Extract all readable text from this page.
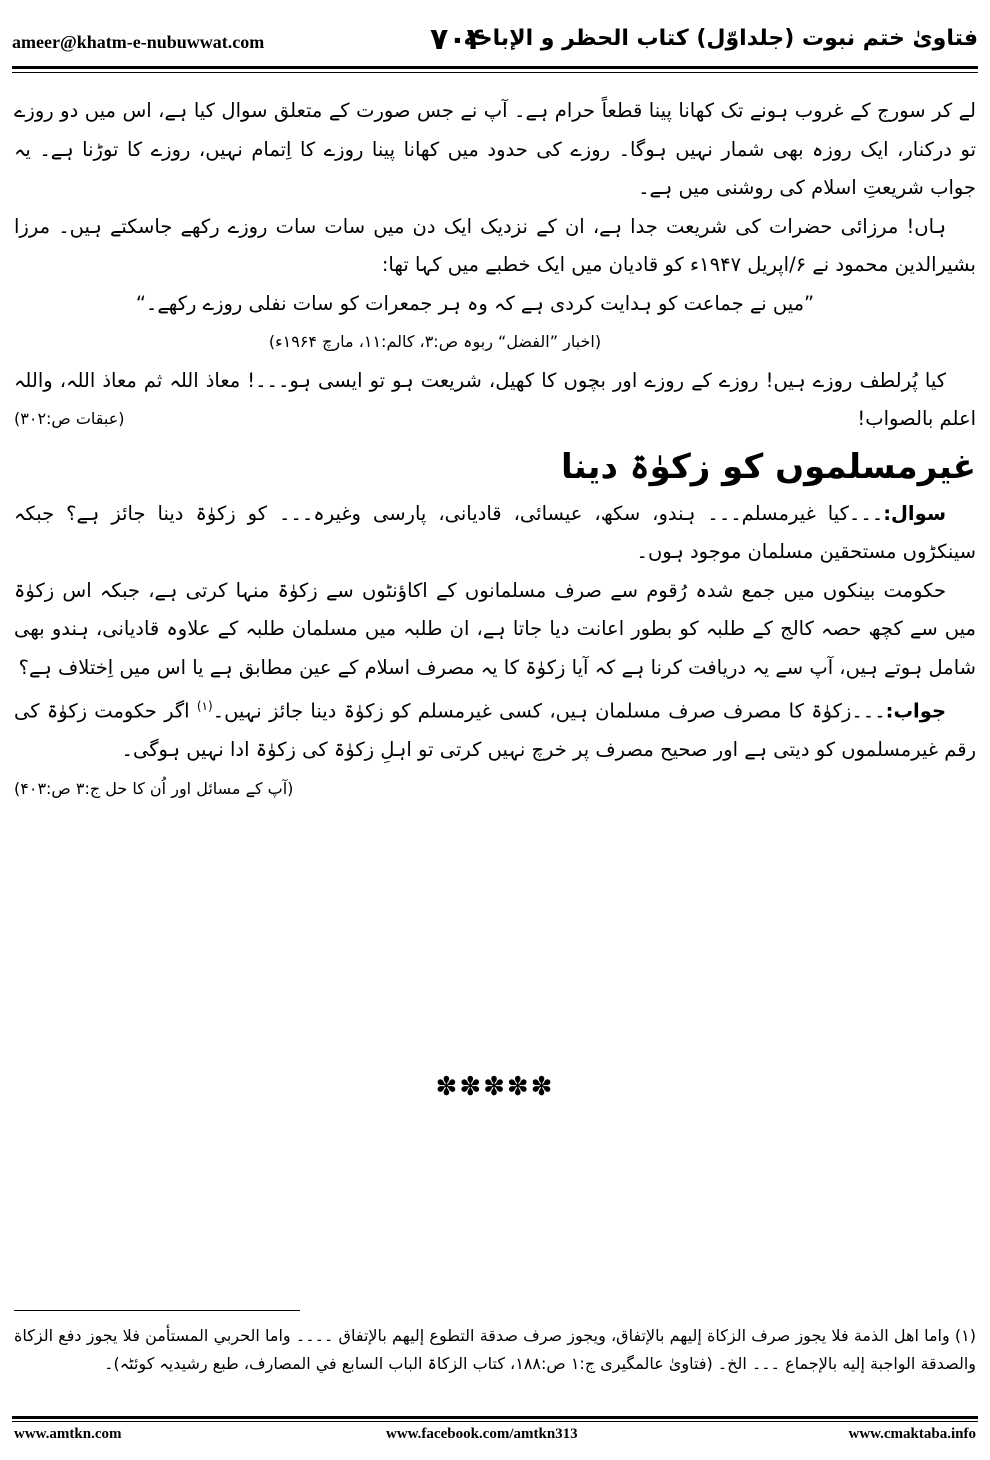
ameer@khatm-e-nubuwwat.com	۷۰۴
فتاویٰ ختم نبوت (جلداوّل) کتاب الحظر و الإباحة

لے کر سورج کے غروب ہونے تک کھانا پینا قطعاً حرام ہے۔ آپ نے جس صورت کے متعلق سوال کیا ہے، اس میں دو روزے تو درکنار، ایک روزہ بھی شمار نہیں ہوگا۔ روزے کی حدود میں کھانا پینا روزے کا اِتمام نہیں، روزے کا توڑنا ہے۔ یہ جواب شریعتِ اسلام کی روشنی میں ہے۔

ہاں! مرزائی حضرات کی شریعت جدا ہے، ان کے نزدیک ایک دن میں سات سات روزے رکھے جاسکتے ہیں۔ مرزا بشیرالدین محمود نے ۶/اپریل ۱۹۴۷ء کو قادیان میں ایک خطبے میں کہا تھا:

”میں نے جماعت کو ہدایت کردی ہے کہ وہ ہر جمعرات کو سات نفلی روزے رکھے۔“

(اخبار ”الفضل“ ربوہ ص:۳، کالم:۱۱، مارچ ۱۹۶۴ء)

کیا پُرلطف روزے ہیں! روزے کے روزے اور بچوں کا کھیل، شریعت ہو تو ایسی ہو۔۔۔! معاذ اللہ ثم معاذ اللہ، واللہ اعلم بالصواب!
(عبقات ص:۳۰۲)

غیرمسلموں کو زکوٰۃ دینا

سوال:۔۔۔کیا غیرمسلم۔۔۔ ہندو، سکھ، عیسائی، قادیانی، پارسی وغیرہ۔۔۔ کو زکوٰۃ دینا جائز ہے؟ جبکہ سینکڑوں مستحقین مسلمان موجود ہوں۔

حکومت بینکوں میں جمع شدہ رُقوم سے صرف مسلمانوں کے اکاؤنٹوں سے زکوٰۃ منہا کرتی ہے، جبکہ اس زکوٰۃ میں سے کچھ حصہ کالج کے طلبہ کو بطور اعانت دیا جاتا ہے، ان طلبہ میں مسلمان طلبہ کے علاوہ قادیانی، ہندو بھی شامل ہوتے ہیں، آپ سے یہ دریافت کرنا ہے کہ آیا زکوٰۃ کا یہ مصرف اسلام کے عین مطابق ہے یا اس میں اِختلاف ہے؟

جواب:۔۔۔زکوٰۃ کا مصرف صرف مسلمان ہیں، کسی غیرمسلم کو زکوٰۃ دینا جائز نہیں۔$^{(۱)}$ اگر حکومت زکوٰۃ کی رقم غیرمسلموں کو دیتی ہے اور صحیح مصرف پر خرچ نہیں کرتی تو اہلِ زکوٰۃ کی زکوٰۃ ادا نہیں ہوگی۔
(آپ کے مسائل اور اُن کا حل ج:۳ ص:۴۰۳)

✽✽✽✽✽
(۱) واما اهل الذمة فلا يجوز صرف الزكاة إليهم بالإتفاق، ويجوز صرف صدقة التطوع إليهم بالإتفاق ۔۔۔۔ واما الحربي المستأمن فلا يجوز دفع الزكاة والصدقة الواجبة إليه بالإجماع ۔۔۔ الخ۔ (فتاویٰ عالمگیری ج:۱ ص:۱۸۸، کتاب الزکاۃ الباب السابع في المصارف، طبع رشیدیہ کوئٹہ)۔
www.amtkn.com	www.facebook.com/amtkn313	www.cmaktaba.info
